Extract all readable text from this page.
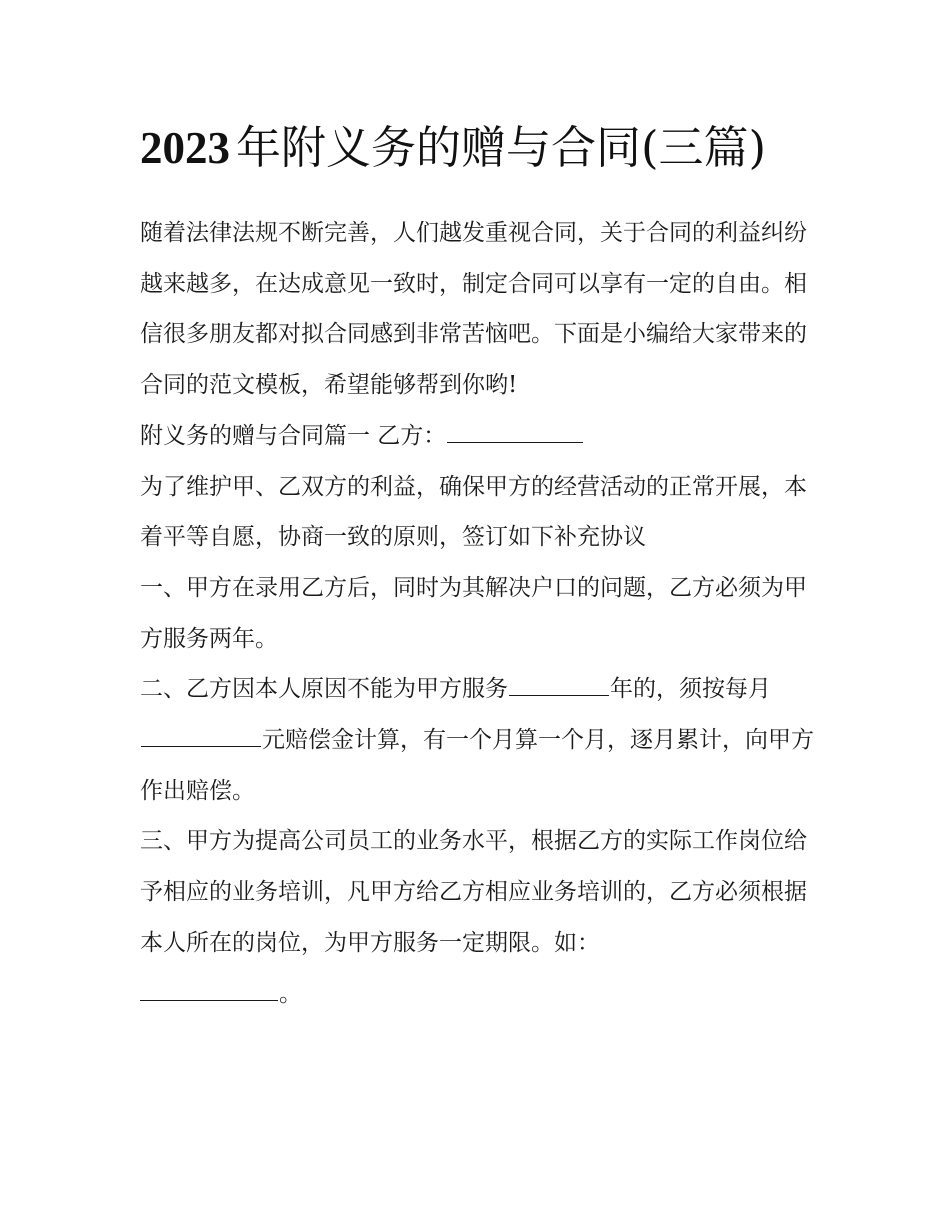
2023 年附义务的赠与合同(三篇)

随着法律法规不断完善，人们越发重视合同，关于合同的利益纠纷越来越多，在达成意见一致时，制定合同可以享有一定的自由。相信很多朋友都对拟合同感到非常苦恼吧。下面是小编给大家带来的合同的范文模板，希望能够帮到你哟!

附义务的赠与合同篇一 乙方：

为了维护甲、乙双方的利益，确保甲方的经营活动的正常开展，本着平等自愿，协商一致的原则，签订如下补充协议

一、甲方在录用乙方后，同时为其解决户口的问题，乙方必须为甲方服务两年。

二、乙方因本人原因不能为甲方服务	年的，须按每月元赔偿金计算，有一个月算一个月，逐月累计，向甲方作出赔偿。

三、甲方为提高公司员工的业务水平，根据乙方的实际工作岗位给予相应的业务培训，凡甲方给乙方相应业务培训的，乙方必须根据本人所在的岗位，为甲方服务一定期限。如：
。
